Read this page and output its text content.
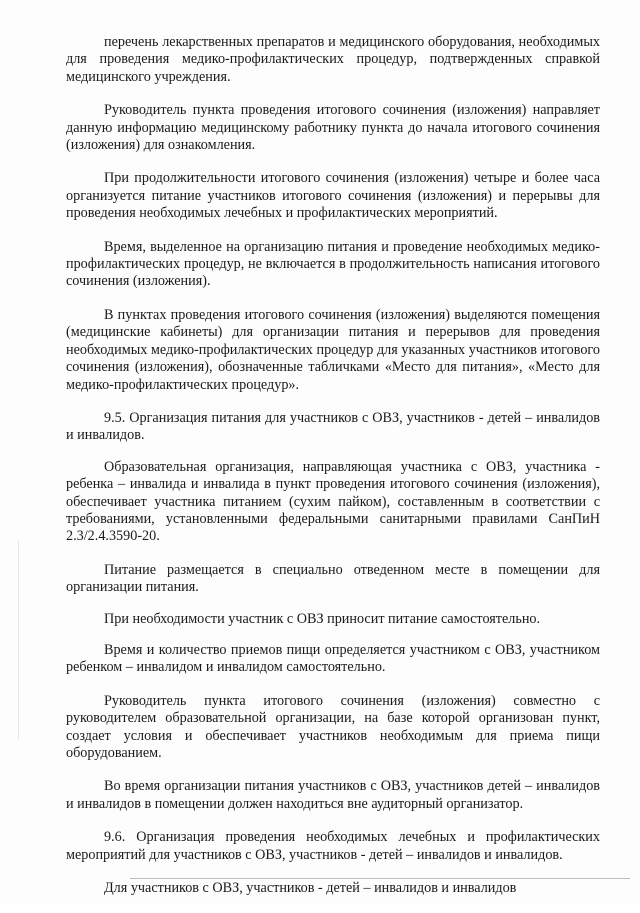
перечень лекарственных препаратов и медицинского оборудования, необходимых для проведения медико-профилактических процедур, подтвержденных справкой медицинского учреждения.

Руководитель пункта проведения итогового сочинения (изложения) направляет данную информацию медицинскому работнику пункта до начала итогового сочинения (изложения) для ознакомления.

При продолжительности итогового сочинения (изложения) четыре и более часа организуется питание участников итогового сочинения (изложения) и перерывы для проведения необходимых лечебных и профилактических мероприятий.

Время, выделенное на организацию питания и проведение необходимых медико-профилактических процедур, не включается в продолжительность написания итогового сочинения (изложения).

В пунктах проведения итогового сочинения (изложения) выделяются помещения (медицинские кабинеты) для организации питания и перерывов для проведения необходимых медико-профилактических процедур для указанных участников итогового сочинения (изложения), обозначенные табличками «Место для питания», «Место для медико-профилактических процедур».

9.5. Организация питания для участников с ОВЗ, участников - детей – инвалидов и инвалидов.

Образовательная организация, направляющая участника с ОВЗ, участника - ребенка – инвалида и инвалида в пункт проведения итогового сочинения (изложения), обеспечивает участника питанием (сухим пайком), составленным в соответствии с требованиями, установленными федеральными санитарными правилами СанПиН 2.3/2.4.3590-20.

Питание размещается в специально отведенном месте в помещении для организации питания.

При необходимости участник с ОВЗ приносит питание самостоятельно.

Время и количество приемов пищи определяется участником с ОВЗ, участником ребенком – инвалидом и инвалидом самостоятельно.

Руководитель пункта итогового сочинения (изложения) совместно с руководителем образовательной организации, на базе которой организован пункт, создает условия и обеспечивает участников необходимым для приема пищи оборудованием.

Во время организации питания участников с ОВЗ, участников детей – инвалидов и инвалидов в помещении должен находиться вне аудиторный организатор.

9.6. Организация проведения необходимых лечебных и профилактических мероприятий для участников с ОВЗ, участников - детей – инвалидов и инвалидов.

Для участников с ОВЗ, участников - детей – инвалидов и инвалидов
